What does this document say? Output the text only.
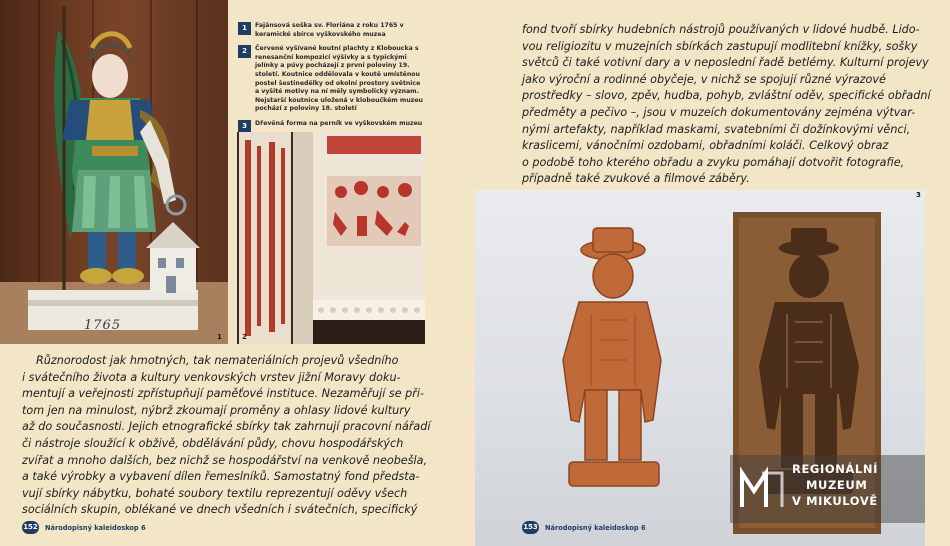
1765
1
1	Fajánsová soška sv. Floriána z roku 1765 v keramické sbírce vyškovského muzea
2	Červené vyšívané koutní plachty z Klobouckа s renesanční kompozicí výšivky a s typickými jelínky a púvy pocházejí z první poloviny 19. století. Koutnice oddělovala v koutě umístěnou postel šestinedělky od okolní prostory světnice a vyšité motivy na ní měly symbolický význam. Nejstarší koutnice uložená v kloboučkém muzeu pochází z poloviny 18. století
3	Dřevěná forma na perník ve vyškovském muzeu
2

Různorodost jak hmotných, tak nemateriálních projevů všedního
i svátečního života a kultury venkovských vrstev jižní Moravy doku-
mentují a veřejnosti zpřístupňují paměťové instituce. Nezaměřují se při-
tom jen na minulost, nýbrž zkoumají proměny a ohlasy lidové kultury
až do současnosti. Jejich etnografické sbírky tak zahrnují pracovní nářadí
či nástroje sloužící k obživě, obdělávání půdy, chovu hospodářských
zvířat a mnoho dalších, bez nichž se hospodářství na venkově neobešla,
a také výrobky a vybavení dílen řemeslníků. Samostatný fond předsta-
vují sbírky nábytku, bohaté soubory textilu reprezentují oděvy všech
sociálních skupin, oblékané ve dnech všedních i svátečních, specifický

152 Národopisný kaleidoskop 6

fond tvoří sbírky hudebních nástrojů používaných v lidové hudbě. Lido-
vou religiozitu v muzejních sbírkách zastupují modlitební knížky, sošky
světců či také votivní dary a v neposlední řadě betlémy. Kulturní projevy
jako výroční a rodinné obyčeje, v nichž se spojují různé výrazové
prostředky – slovo, zpěv, hudba, pohyb, zvláštní oděv, specifické obřadní
předměty a pečivo –, jsou v muzeích dokumentovány zejména výtvar-
nými artefakty, například maskami, svatebními či dožínkovými věnci,
kraslicemi, vánočními ozdobami, obřadními koláči. Celkový obraz
o podobě toho kterého obřadu a zvyku pomáhají dotvořit fotografie,
případně také zvukové a filmové záběry.

3
REGIONÁLNÍ
MUZEUM
V MIKULOVĚ
153 Národopisný kaleidoskop 6
